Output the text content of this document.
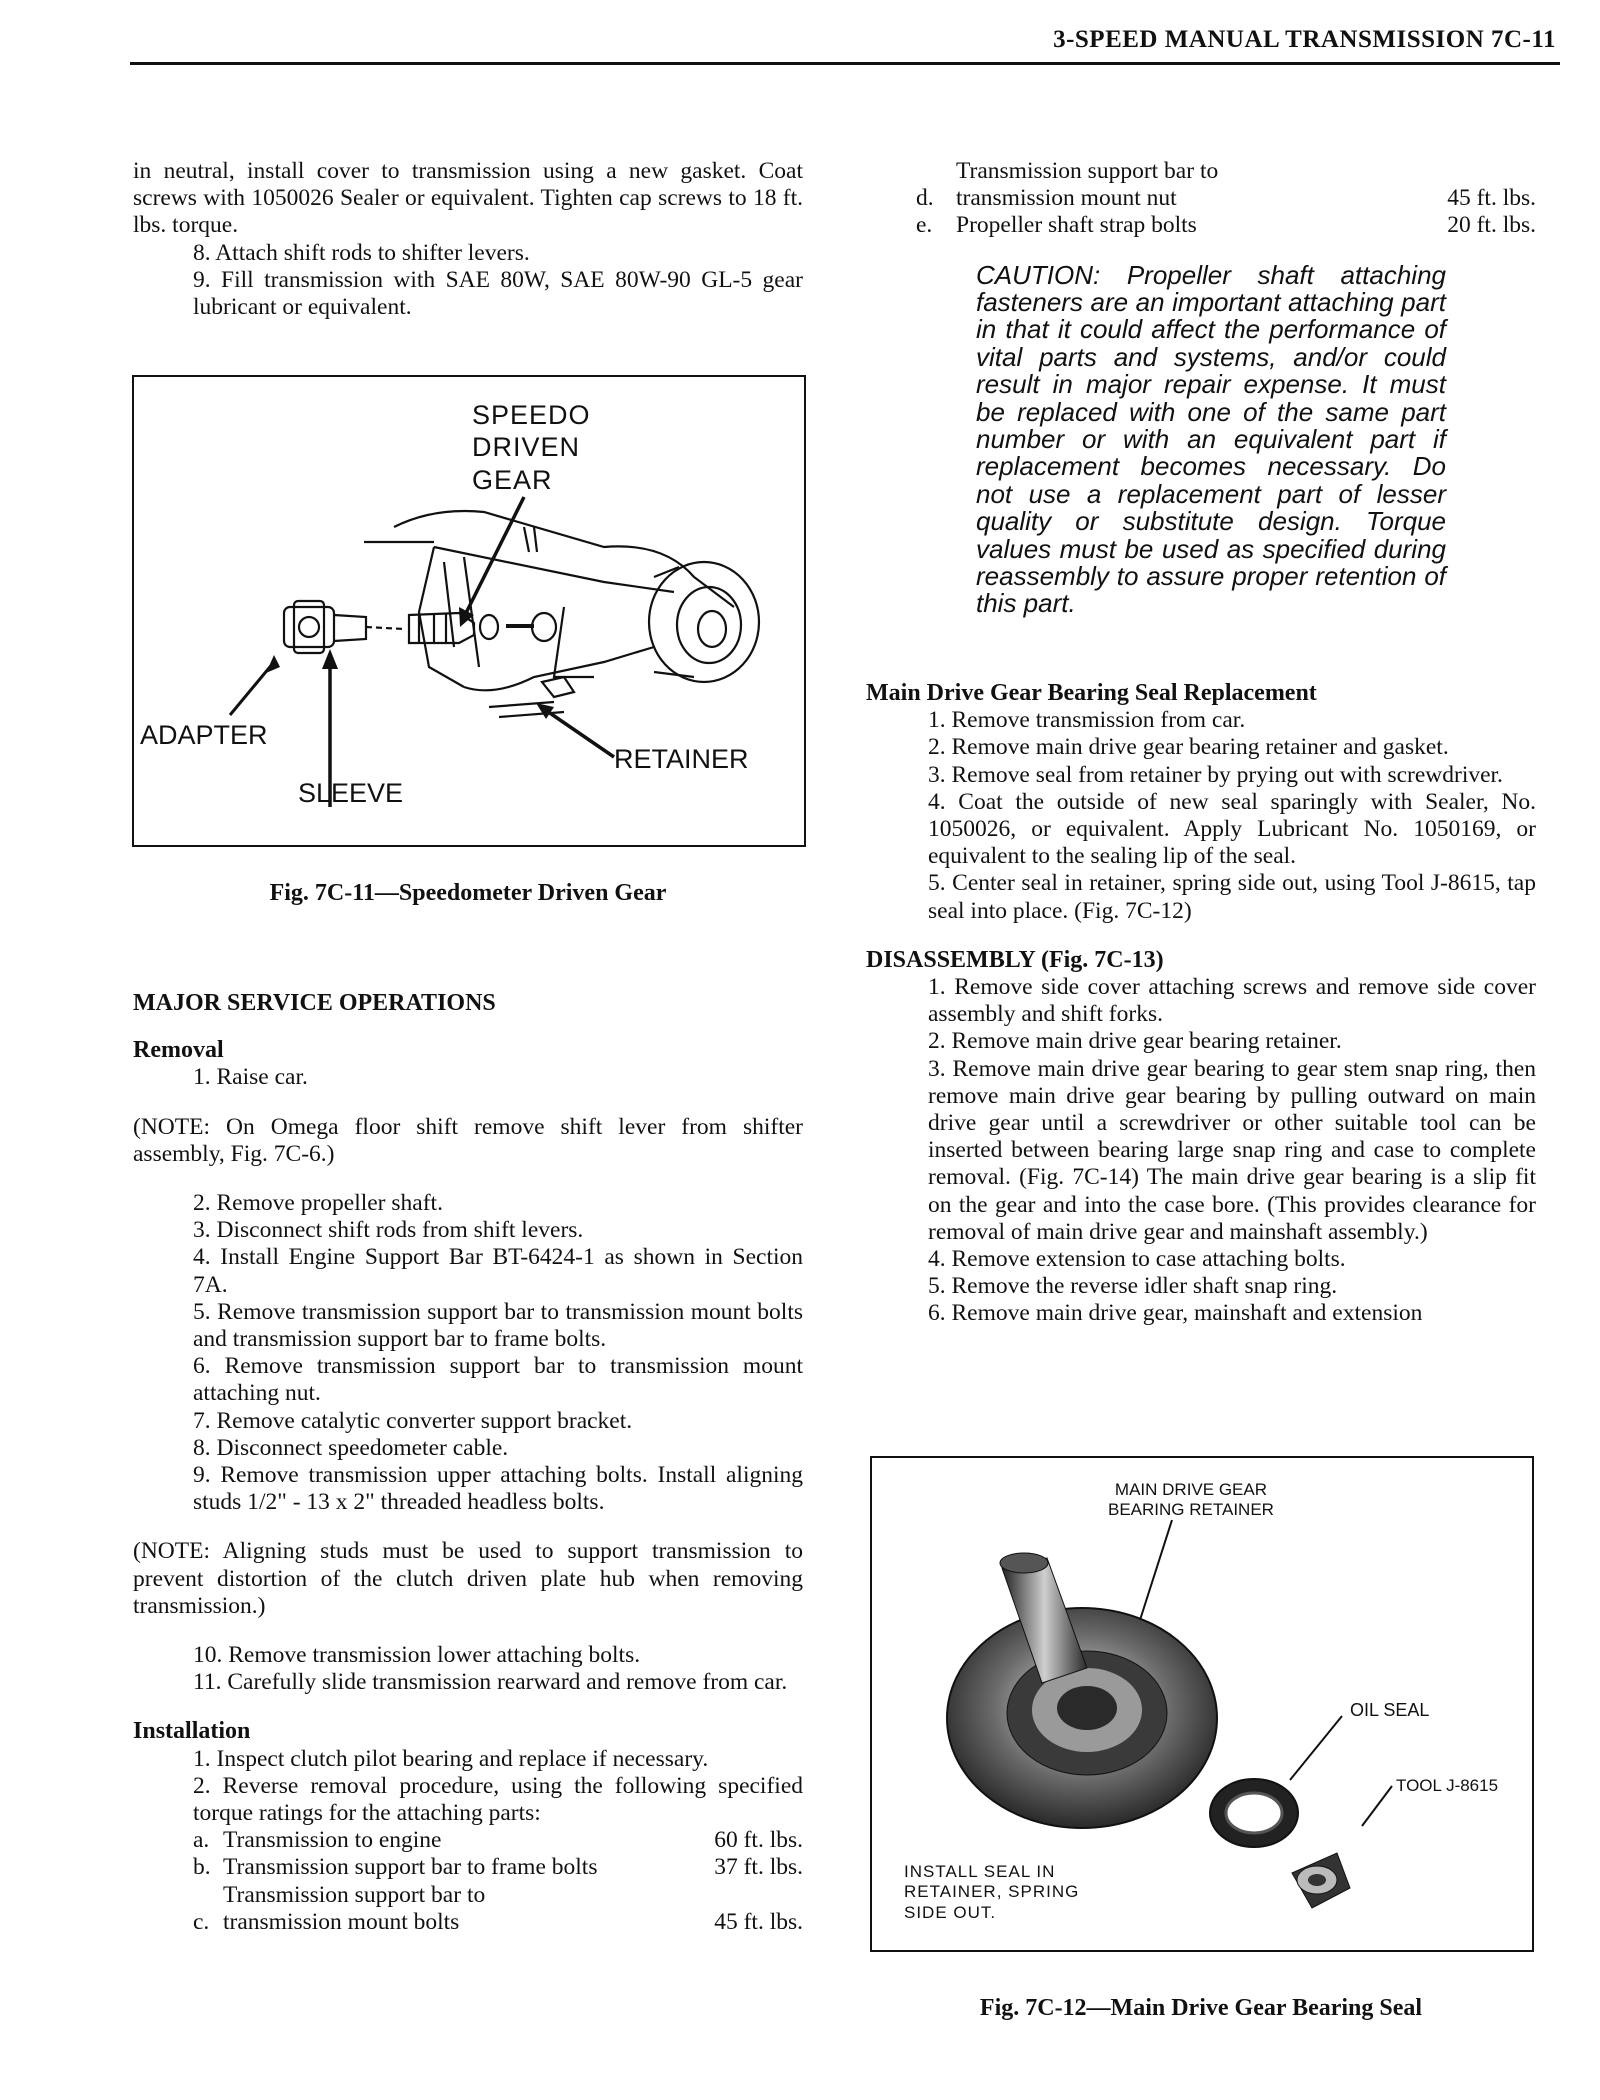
3-SPEED MANUAL TRANSMISSION 7C-11

in neutral, install cover to transmission using a new gasket. Coat screws with 1050026 Sealer or equivalent. Tighten cap screws to 18 ft. lbs. torque.

8. Attach shift rods to shifter levers.

9. Fill transmission with SAE 80W, SAE 80W-90 GL-5 gear lubricant or equivalent.

SPEEDO
DRIVEN
GEAR
ADAPTER
SLEEVE
RETAINER
Fig. 7C-11—Speedometer Driven Gear

MAJOR SERVICE OPERATIONS

Removal

1. Raise car.

(NOTE: On Omega floor shift remove shift lever from shifter assembly, Fig. 7C-6.)

2. Remove propeller shaft.

3. Disconnect shift rods from shift levers.

4. Install Engine Support Bar BT-6424-1 as shown in Section 7A.

5. Remove transmission support bar to transmission mount bolts and transmission support bar to frame bolts.

6. Remove transmission support bar to transmission mount attaching nut.

7. Remove catalytic converter support bracket.

8. Disconnect speedometer cable.

9. Remove transmission upper attaching bolts. Install aligning studs 1/2" - 13 x 2" threaded headless bolts.

(NOTE: Aligning studs must be used to support transmission to prevent distortion of the clutch driven plate hub when removing transmission.)

10. Remove transmission lower attaching bolts.

11. Carefully slide transmission rearward and remove from car.

Installation

1. Inspect clutch pilot bearing and replace if necessary.

2. Reverse removal procedure, using the following specified torque ratings for the attaching parts:

a. Transmission to engine	60 ft. lbs.
b. Transmission support bar to frame bolts	37 ft. lbs.
c.
Transmission support bar to transmission mount bolts	45 ft. lbs.
d.
Transmission support bar to transmission mount nut	45 ft. lbs.
e.	Propeller shaft strap bolts	20 ft. lbs.

CAUTION: Propeller shaft attaching fasteners are an important attaching part in that it could affect the performance of vital parts and systems, and/or could result in major repair expense. It must be replaced with one of the same part number or with an equivalent part if replacement becomes necessary. Do not use a replacement part of lesser quality or substitute design. Torque values must be used as specified during reassembly to assure proper retention of this part.

Main Drive Gear Bearing Seal Replacement

1. Remove transmission from car.

2. Remove main drive gear bearing retainer and gasket.

3. Remove seal from retainer by prying out with screwdriver.

4. Coat the outside of new seal sparingly with Sealer, No. 1050026, or equivalent. Apply Lubricant No. 1050169, or equivalent to the sealing lip of the seal.

5. Center seal in retainer, spring side out, using Tool J-8615, tap seal into place. (Fig. 7C-12)

DISASSEMBLY (Fig. 7C-13)

1. Remove side cover attaching screws and remove side cover assembly and shift forks.

2. Remove main drive gear bearing retainer.

3. Remove main drive gear bearing to gear stem snap ring, then remove main drive gear bearing by pulling outward on main drive gear until a screwdriver or other suitable tool can be inserted between bearing large snap ring and case to complete removal. (Fig. 7C-14) The main drive gear bearing is a slip fit on the gear and into the case bore. (This provides clearance for removal of main drive gear and mainshaft assembly.)

4. Remove extension to case attaching bolts.

5. Remove the reverse idler shaft snap ring.

6. Remove main drive gear, mainshaft and extension

MAIN DRIVE GEAR
BEARING RETAINER
OIL SEAL
TOOL J-8615
INSTALL SEAL IN
RETAINER, SPRING
SIDE OUT.
Fig. 7C-12—Main Drive Gear Bearing Seal
